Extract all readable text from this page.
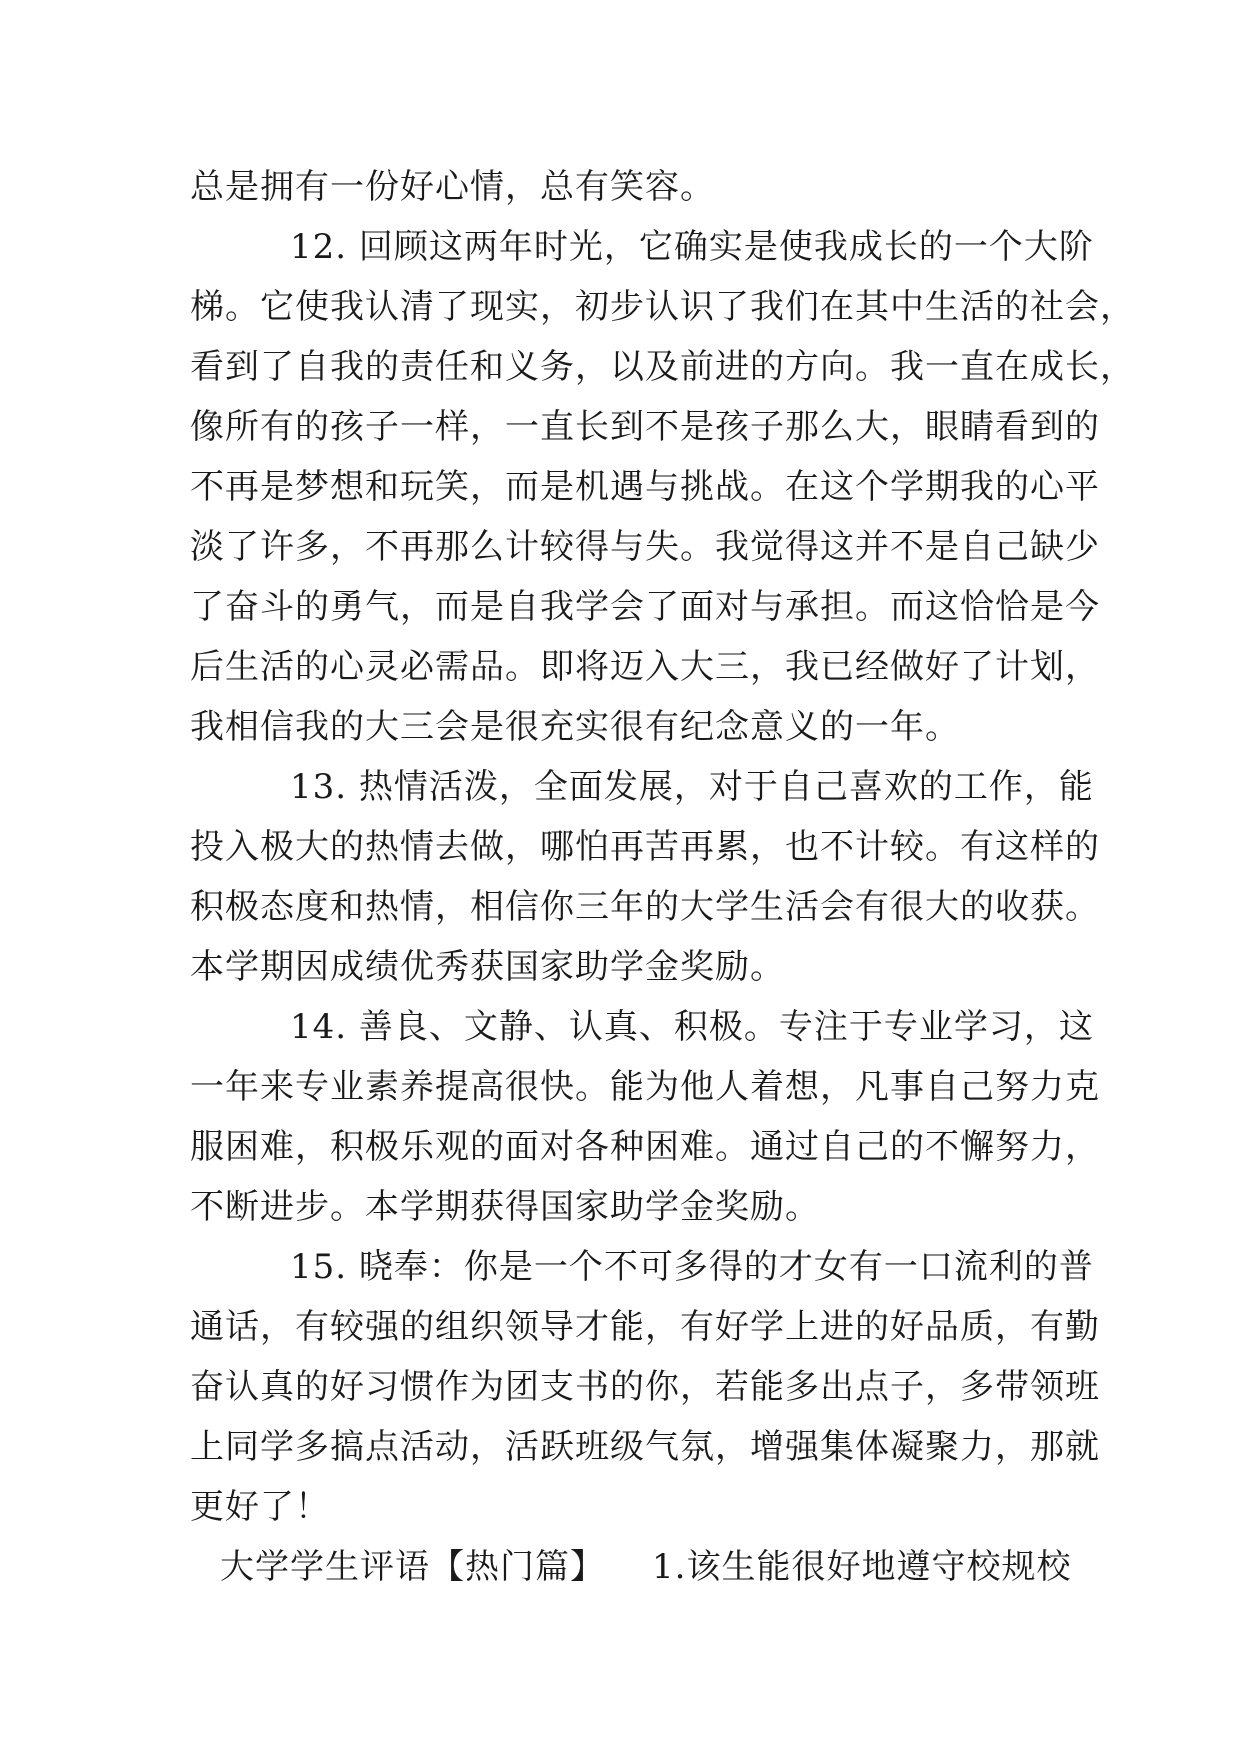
总是拥有一份好心情，总有笑容。
12. 回顾这两年时光，它确实是使我成长的一个大阶
梯。它使我认清了现实，初步认识了我们在其中生活的社会，
看到了自我的责任和义务，以及前进的方向。我一直在成长，
像所有的孩子一样，一直长到不是孩子那么大，眼睛看到的
不再是梦想和玩笑，而是机遇与挑战。在这个学期我的心平
淡了许多，不再那么计较得与失。我觉得这并不是自己缺少
了奋斗的勇气，而是自我学会了面对与承担。而这恰恰是今
后生活的心灵必需品。即将迈入大三，我已经做好了计划，
我相信我的大三会是很充实很有纪念意义的一年。
13. 热情活泼，全面发展，对于自己喜欢的工作，能
投入极大的热情去做，哪怕再苦再累，也不计较。有这样的
积极态度和热情，相信你三年的大学生活会有很大的收获。
本学期因成绩优秀获国家助学金奖励。
14. 善良、文静、认真、积极。专注于专业学习，这
一年来专业素养提高很快。能为他人着想，凡事自己努力克
服困难，积极乐观的面对各种困难。通过自己的不懈努力，
不断进步。本学期获得国家助学金奖励。
15. 晓奉：你是一个不可多得的才女有一口流利的普
通话，有较强的组织领导才能，有好学上进的好品质，有勤
奋认真的好习惯作为团支书的你，若能多出点子，多带领班
上同学多搞点活动，活跃班级气氛，增强集体凝聚力，那就
更好了！
大学学生评语【热门篇】 1.该生能很好地遵守校规校
